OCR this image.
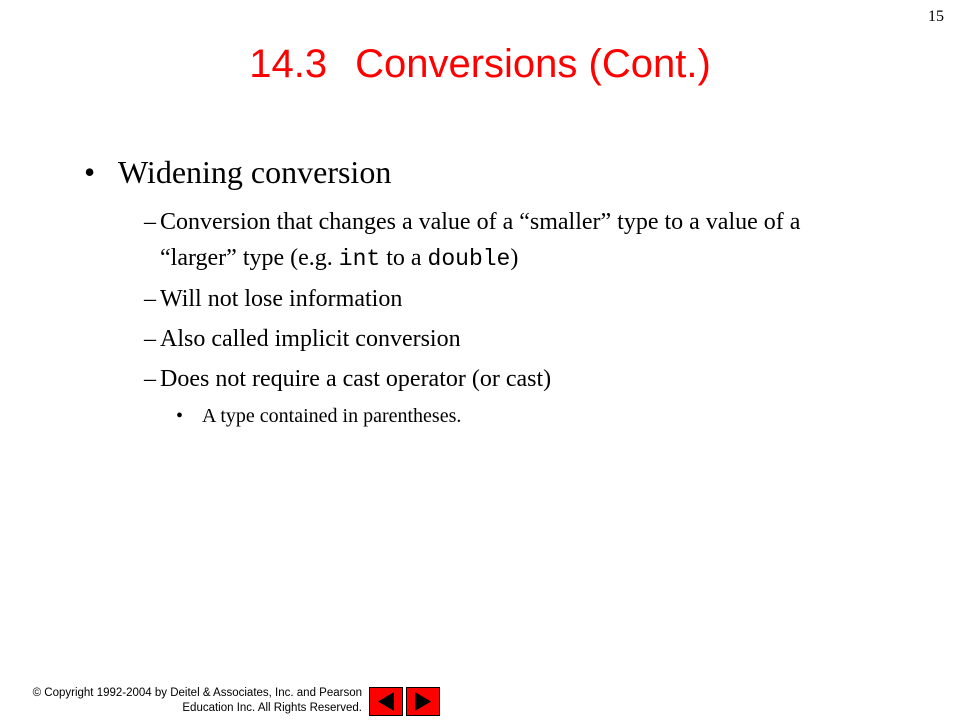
15
14.3 Conversions (Cont.)
• Widening conversion
– Conversion that changes a value of a “smaller” type to a value of a “larger” type (e.g. int to a double)
– Will not lose information
– Also called implicit conversion
– Does not require a cast operator (or cast)
• A type contained in parentheses.
© Copyright 1992-2004 by Deitel & Associates, Inc. and Pearson
Education Inc. All Rights Reserved.
